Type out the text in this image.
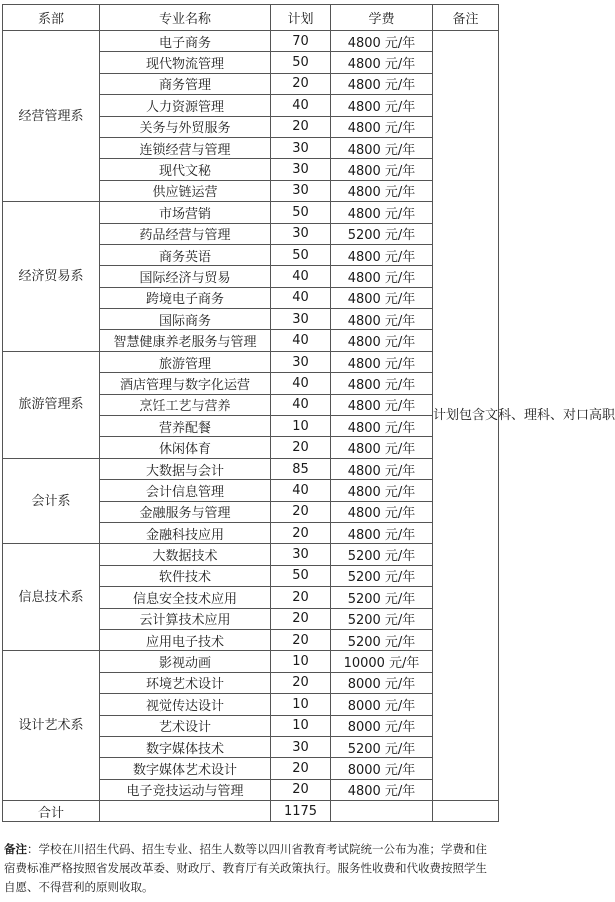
系部	专业名称	计划	学费	备注
经营管理系	电子商务	70	4800 元/年	计划包含文科、理科、对口高职
	现代物流管理	50	4800 元/年	
	商务管理	20	4800 元/年	
	人力资源管理	40	4800 元/年	
	关务与外贸服务	20	4800 元/年	
	连锁经营与管理	30	4800 元/年	
	现代文秘	30	4800 元/年	
	供应链运营	30	4800 元/年	
经济贸易系	市场营销	50	4800 元/年	
	药品经营与管理	30	5200 元/年	
	商务英语	50	4800 元/年	
	国际经济与贸易	40	4800 元/年	
	跨境电子商务	40	4800 元/年	
	国际商务	30	4800 元/年	
	智慧健康养老服务与管理	40	4800 元/年	
旅游管理系	旅游管理	30	4800 元/年	
	酒店管理与数字化运营	40	4800 元/年	
	烹饪工艺与营养	40	4800 元/年	
	营养配餐	10	4800 元/年	
	休闲体育	20	4800 元/年	
会计系	大数据与会计	85	4800 元/年	
	会计信息管理	40	4800 元/年	
	金融服务与管理	20	4800 元/年	
	金融科技应用	20	4800 元/年	
信息技术系	大数据技术	30	5200 元/年	
	软件技术	50	5200 元/年	
	信息安全技术应用	20	5200 元/年	
	云计算技术应用	20	5200 元/年	
	应用电子技术	20	5200 元/年	
设计艺术系	影视动画	10	10000 元/年	
	环境艺术设计	20	8000 元/年	
	视觉传达设计	10	8000 元/年	
	艺术设计	10	8000 元/年	
	数字媒体技术	30	5200 元/年	
	数字媒体艺术设计	20	8000 元/年	
	电子竞技运动与管理	20	4800 元/年	
合计		1175		
备注：学校在川招生代码、招生专业、招生人数等以四川省教育考试院统一公布为准；学费和住宿费标准严格按照省发展改革委、财政厅、教育厅有关政策执行。服务性收费和代收费按照学生自愿、不得营利的原则收取。
